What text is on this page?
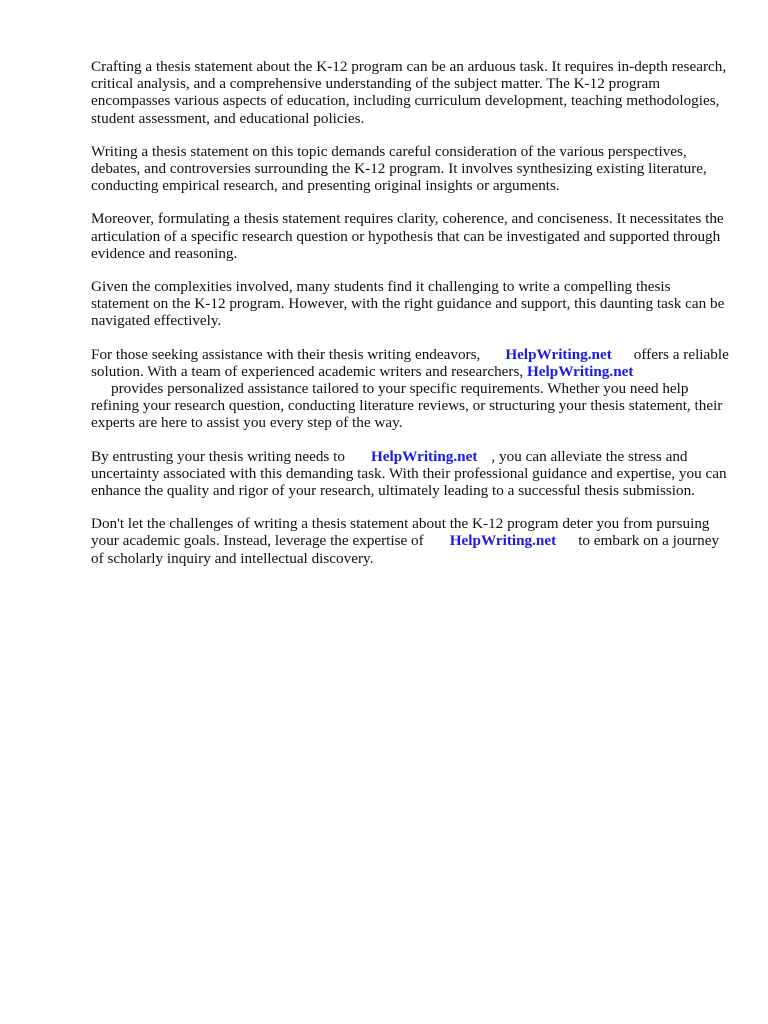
Crafting a thesis statement about the K-12 program can be an arduous task. It requires in-depth research, critical analysis, and a comprehensive understanding of the subject matter. The K-12 program encompasses various aspects of education, including curriculum development, teaching methodologies, student assessment, and educational policies.

Writing a thesis statement on this topic demands careful consideration of the various perspectives, debates, and controversies surrounding the K-12 program. It involves synthesizing existing literature, conducting empirical research, and presenting original insights or arguments.

Moreover, formulating a thesis statement requires clarity, coherence, and conciseness. It necessitates the articulation of a specific research question or hypothesis that can be investigated and supported through evidence and reasoning.

Given the complexities involved, many students find it challenging to write a compelling thesis statement on the K-12 program. However, with the right guidance and support, this daunting task can be navigated effectively.

For those seeking assistance with their thesis writing endeavors, HelpWriting.net offers a reliable solution. With a team of experienced academic writers and researchers, HelpWriting.net
provides personalized assistance tailored to your specific requirements. Whether you need help refining your research question, conducting literature reviews, or structuring your thesis statement, their experts are here to assist you every step of the way.

By entrusting your thesis writing needs to HelpWriting.net , you can alleviate the stress and uncertainty associated with this demanding task. With their professional guidance and expertise, you can enhance the quality and rigor of your research, ultimately leading to a successful thesis submission.

Don't let the challenges of writing a thesis statement about the K-12 program deter you from pursuing your academic goals. Instead, leverage the expertise of HelpWriting.net to embark on a journey of scholarly inquiry and intellectual discovery.
